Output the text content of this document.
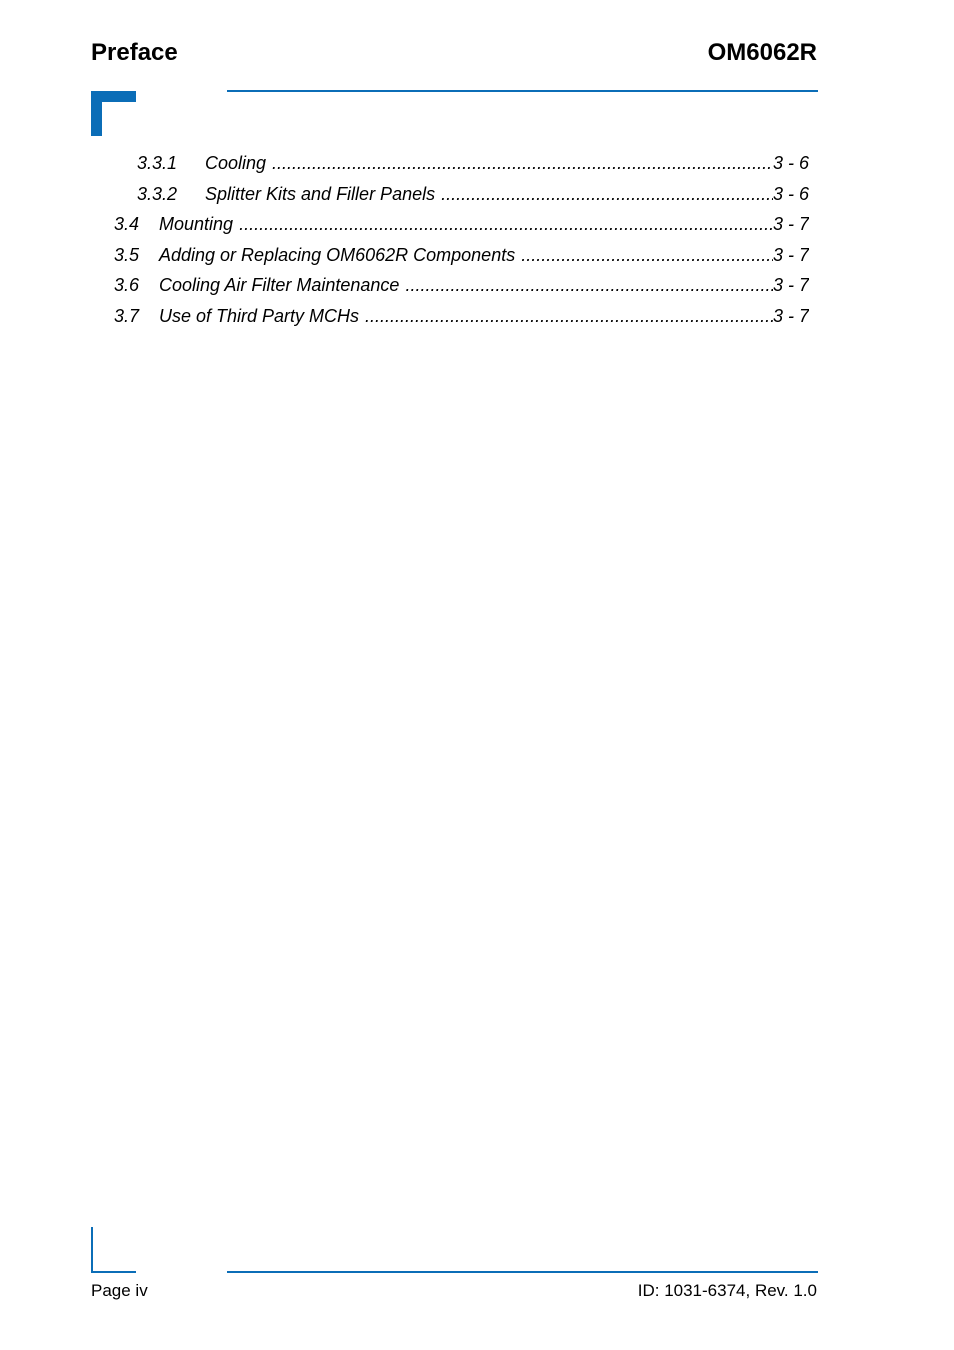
Preface	OM6062R
3.3.1	Cooling .....	3 - 6
3.3.2	Splitter Kits and Filler Panels .....	3 - 6
3.4	Mounting .....	3 - 7
3.5	Adding or Replacing OM6062R Components .....	3 - 7
3.6	Cooling Air Filter Maintenance .....	3 - 7
3.7	Use of Third Party MCHs .....	3 - 7
Page iv	ID: 1031-6374, Rev. 1.0
